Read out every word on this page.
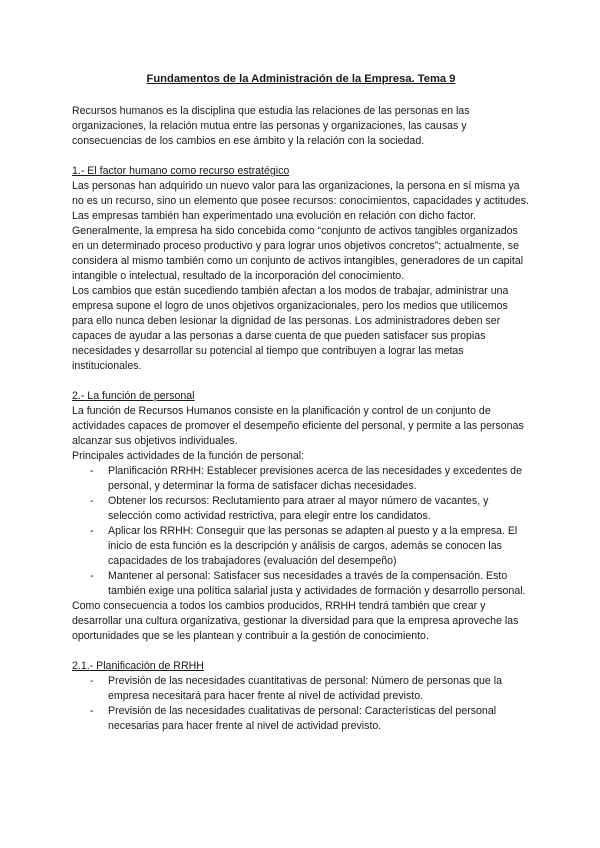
Fundamentos de la Administración de la Empresa. Tema 9

Recursos humanos es la disciplina que estudia las relaciones de las personas en las organizaciones, la relación mutua entre las personas y organizaciones, las causas y consecuencias de los cambios en ese ámbito y la relación con la sociedad.

1.- El factor humano como recurso estratégico

Las personas han adquirido un nuevo valor para las organizaciones, la persona en sí misma ya no es un recurso, sino un elemento que posee recursos: conocimientos, capacidades y actitudes.

Las empresas también han experimentado una evolución en relación con dicho factor. Generalmente, la empresa ha sido concebida como “conjunto de activos tangibles organizados en un determinado proceso productivo y para lograr unos objetivos concretos”; actualmente, se considera al mismo también como un conjunto de activos intangibles, generadores de un capital intangible o intelectual, resultado de la incorporación del conocimiento.

Los cambios que están sucediendo también afectan a los modos de trabajar, administrar una empresa supone el logro de unos objetivos organizacionales, pero los medios que utilicemos para ello nunca deben lesionar la dignidad de las personas. Los administradores deben ser capaces de ayudar a las personas a darse cuenta de que pueden satisfacer sus propias necesidades y desarrollar su potencial al tiempo que contribuyen a lograr las metas institucionales.

2.- La función de personal

La función de Recursos Humanos consiste en la planificación y control de un conjunto de actividades capaces de promover el desempeño eficiente del personal, y permite a las personas alcanzar sus objetivos individuales.

Principales actividades de la función de personal:

- Planificación RRHH: Establecer previsiones acerca de las necesidades y excedentes de personal, y determinar la forma de satisfacer dichas necesidades.
- Obtener los recursos: Reclutamiento para atraer al mayor número de vacantes, y selección como actividad restrictiva, para elegir entre los candidatos.
- Aplicar los RRHH: Conseguir que las personas se adapten al puesto y a la empresa. El inicio de esta función es la descripción y análisis de cargos, además se conocen las capacidades de los trabajadores (evaluación del desempeño)
- Mantener al personal: Satisfacer sus necesidades a través de la compensación. Esto también exige una política salarial justa y actividades de formación y desarrollo personal.

Como consecuencia a todos los cambios producidos, RRHH tendrá también que crear y desarrollar una cultura organizativa, gestionar la diversidad para que la empresa aproveche las oportunidades que se les plantean y contribuir a la gestión de conocimiento.

2.1.- Planificación de RRHH

- Previsión de las necesidades cuantitativas de personal: Número de personas que la empresa necesitará para hacer frente al nivel de actividad previsto.
- Previsión de las necesidades cualitativas de personal: Características del personal necesarias para hacer frente al nivel de actividad previsto.
